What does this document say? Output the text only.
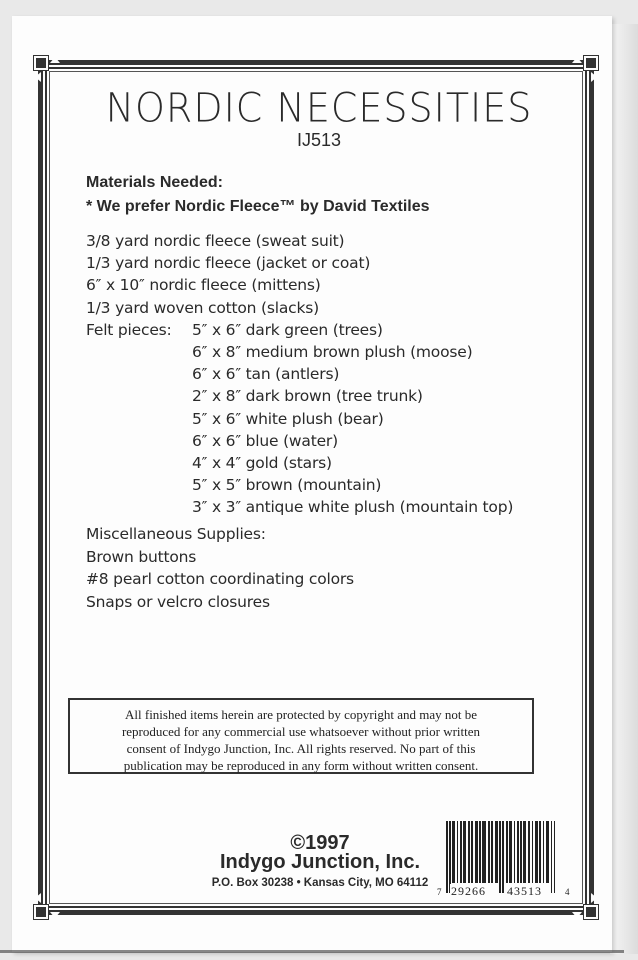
NORDIC NECESSITIES
IJ513
Materials Needed:
* We prefer Nordic Fleece™ by David Textiles
3/8 yard nordic fleece (sweat suit)
1/3 yard nordic fleece (jacket or coat)
6″ x 10″ nordic fleece (mittens)
1/3 yard woven cotton (slacks)
Felt pieces: 5″ x 6″ dark green (trees)
6″ x 8″ medium brown plush (moose)
6″ x 6″ tan (antlers)
2″ x 8″ dark brown (tree trunk)
5″ x 6″ white plush (bear)
6″ x 6″ blue (water)
4″ x 4″ gold (stars)
5″ x 5″ brown (mountain)
3″ x 3″ antique white plush (mountain top)
Miscellaneous Supplies:
Brown buttons
#8 pearl cotton coordinating colors
Snaps or velcro closures
All finished items herein are protected by copyright and may not be
reproduced for any commercial use whatsoever without prior written
consent of Indygo Junction, Inc. All rights reserved. No part of this
publication may be reproduced in any form without written consent.
©1997
Indygo Junction, Inc.
P.O. Box 30238 • Kansas City, MO 64112
7 29266 43513	4
